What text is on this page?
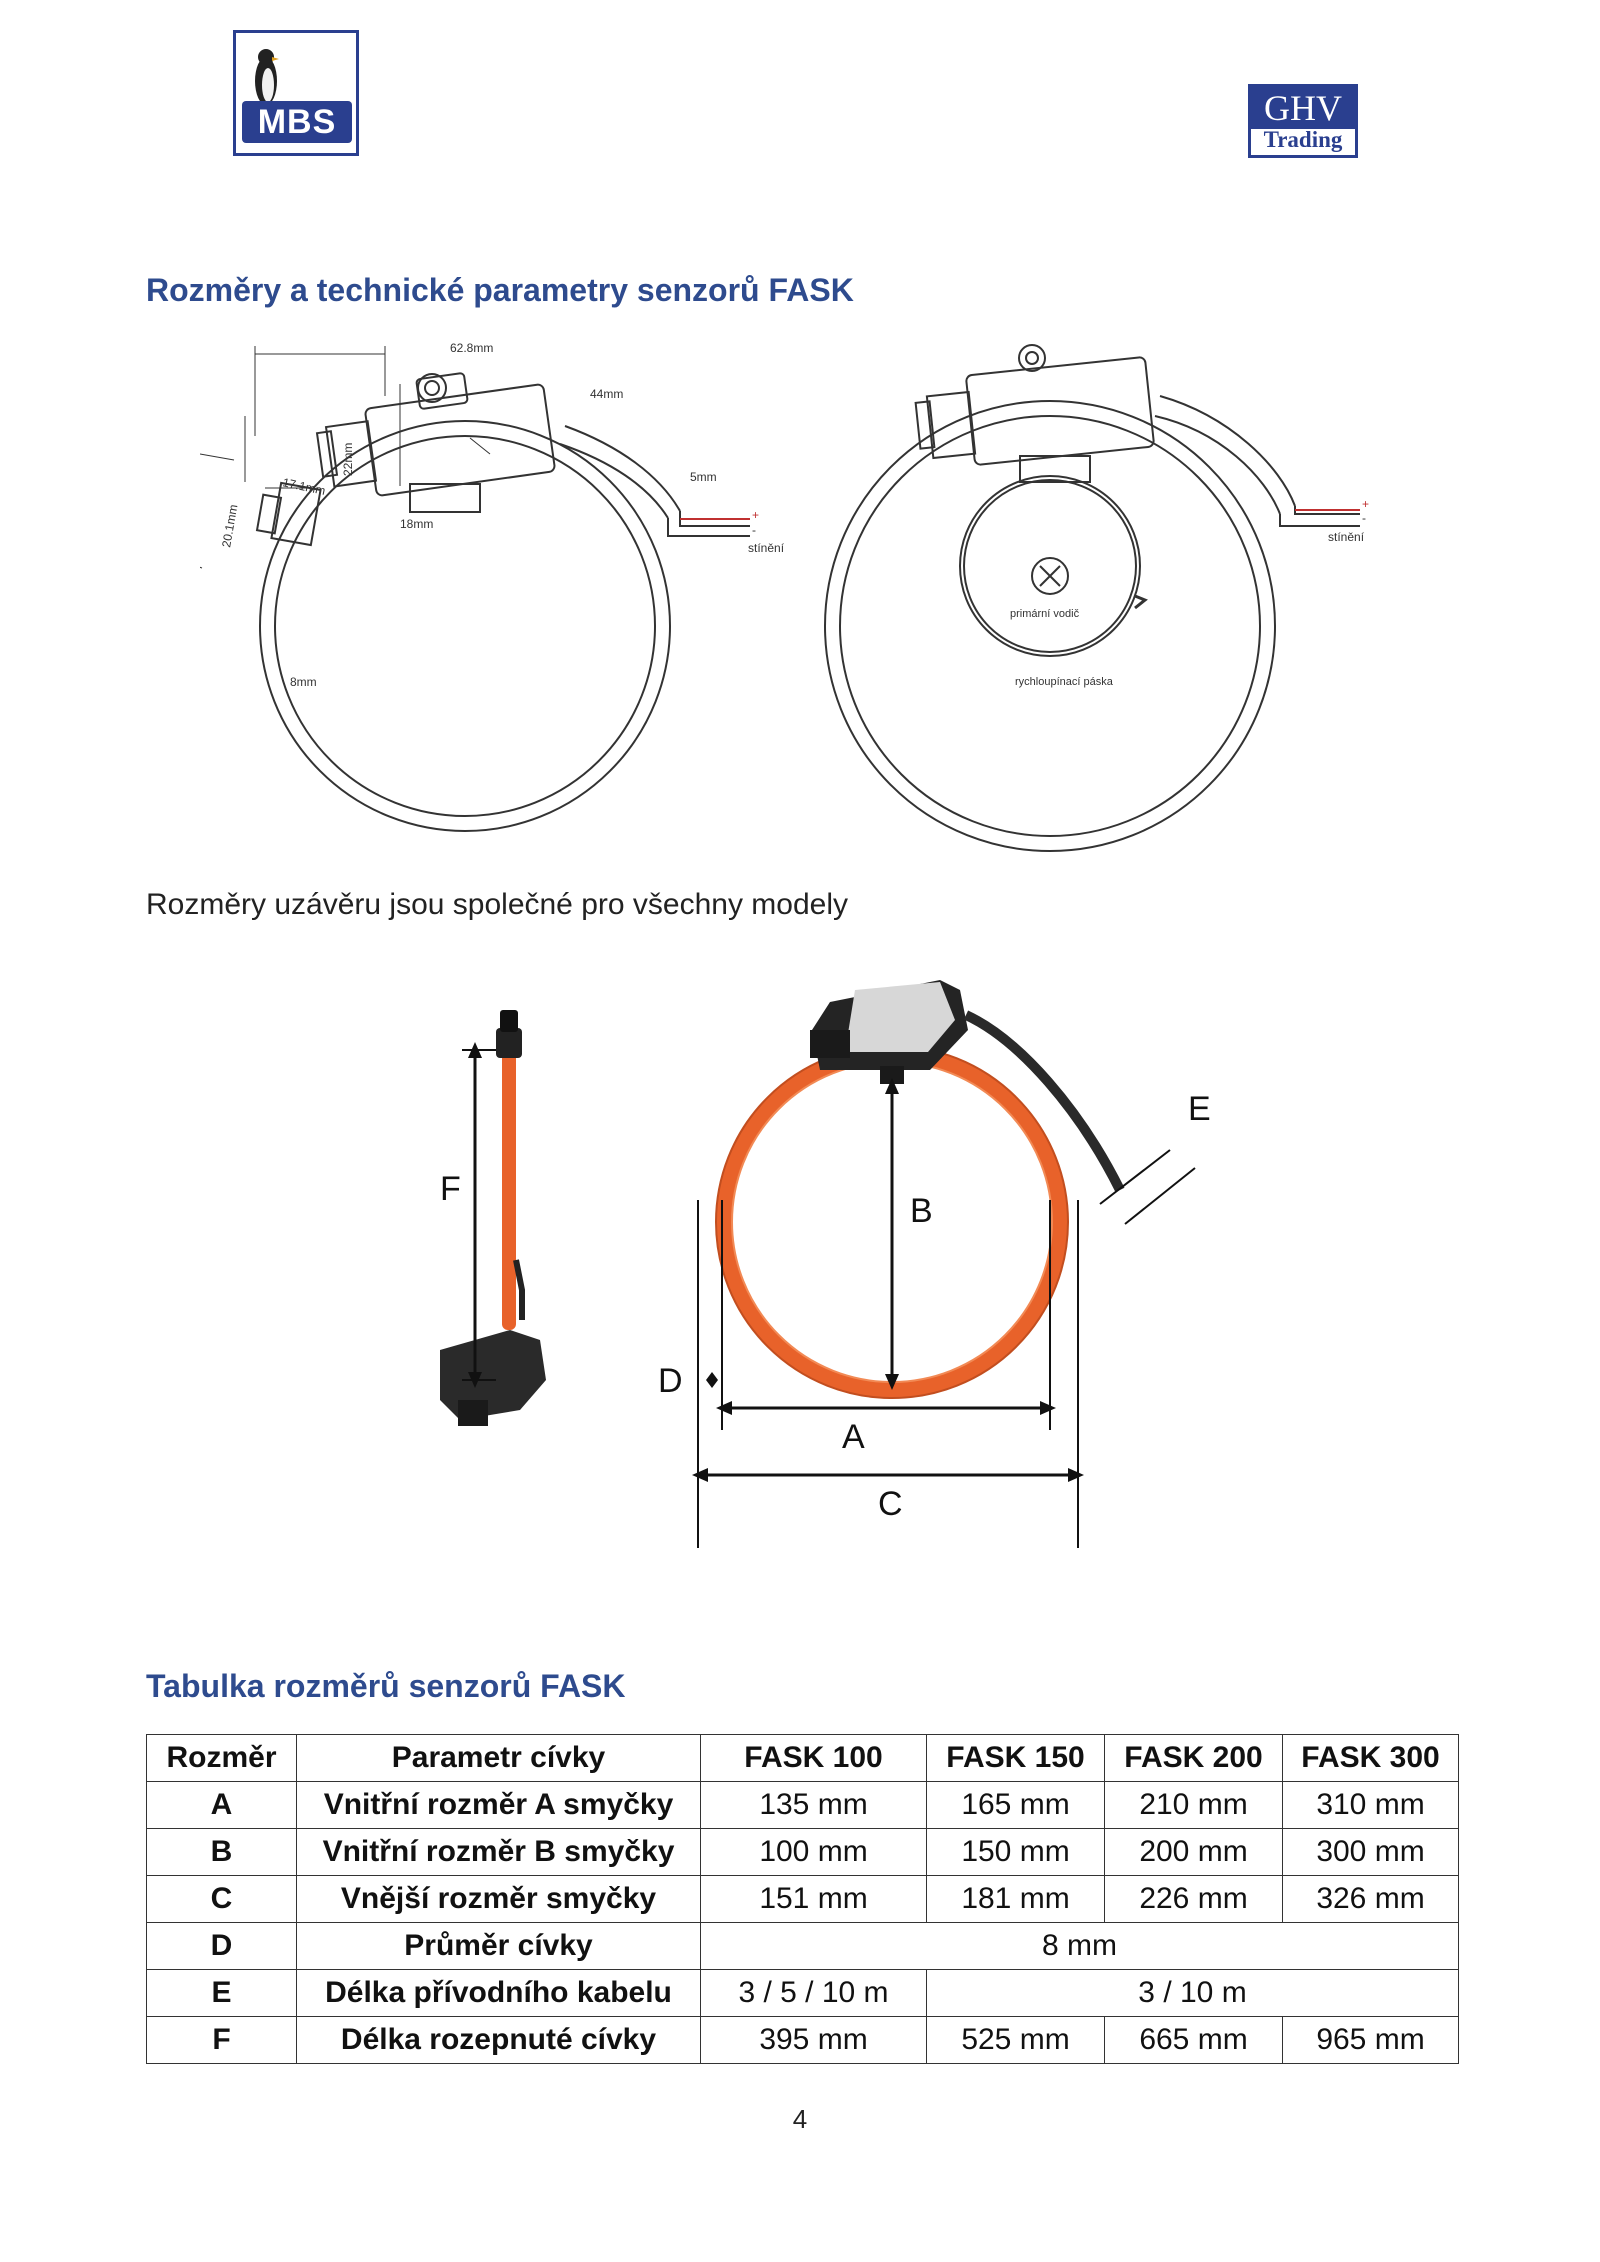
MBS	GHV
Trading
Rozměry a technické parametry senzorů FASK
62.8mm
44mm
22mm
18mm
17.1mm
20.1mm
5mm
8mm
stínění
+
-	stínění
+
-
primární vodič
rychloupínací páska
Rozměry uzávěru jsou společné pro všechny modely
A
B
C
D
E
F
Tabulka rozměrů senzorů FASK
Rozměr	Parametr cívky	FASK 100	FASK 150	FASK 200	FASK 300
A	Vnitřní rozměr A smyčky	135 mm	165 mm	210 mm	310 mm
B	Vnitřní rozměr B smyčky	100 mm	150 mm	200 mm	300 mm
C	Vnější rozměr smyčky	151 mm	181 mm	226 mm	326 mm
D	Průměr cívky	8 mm			
E	Délka přívodního kabelu	3 / 5 / 10 m	3 / 10 m		
F	Délka rozepnuté cívky	395 mm	525 mm	665 mm	965 mm
4
